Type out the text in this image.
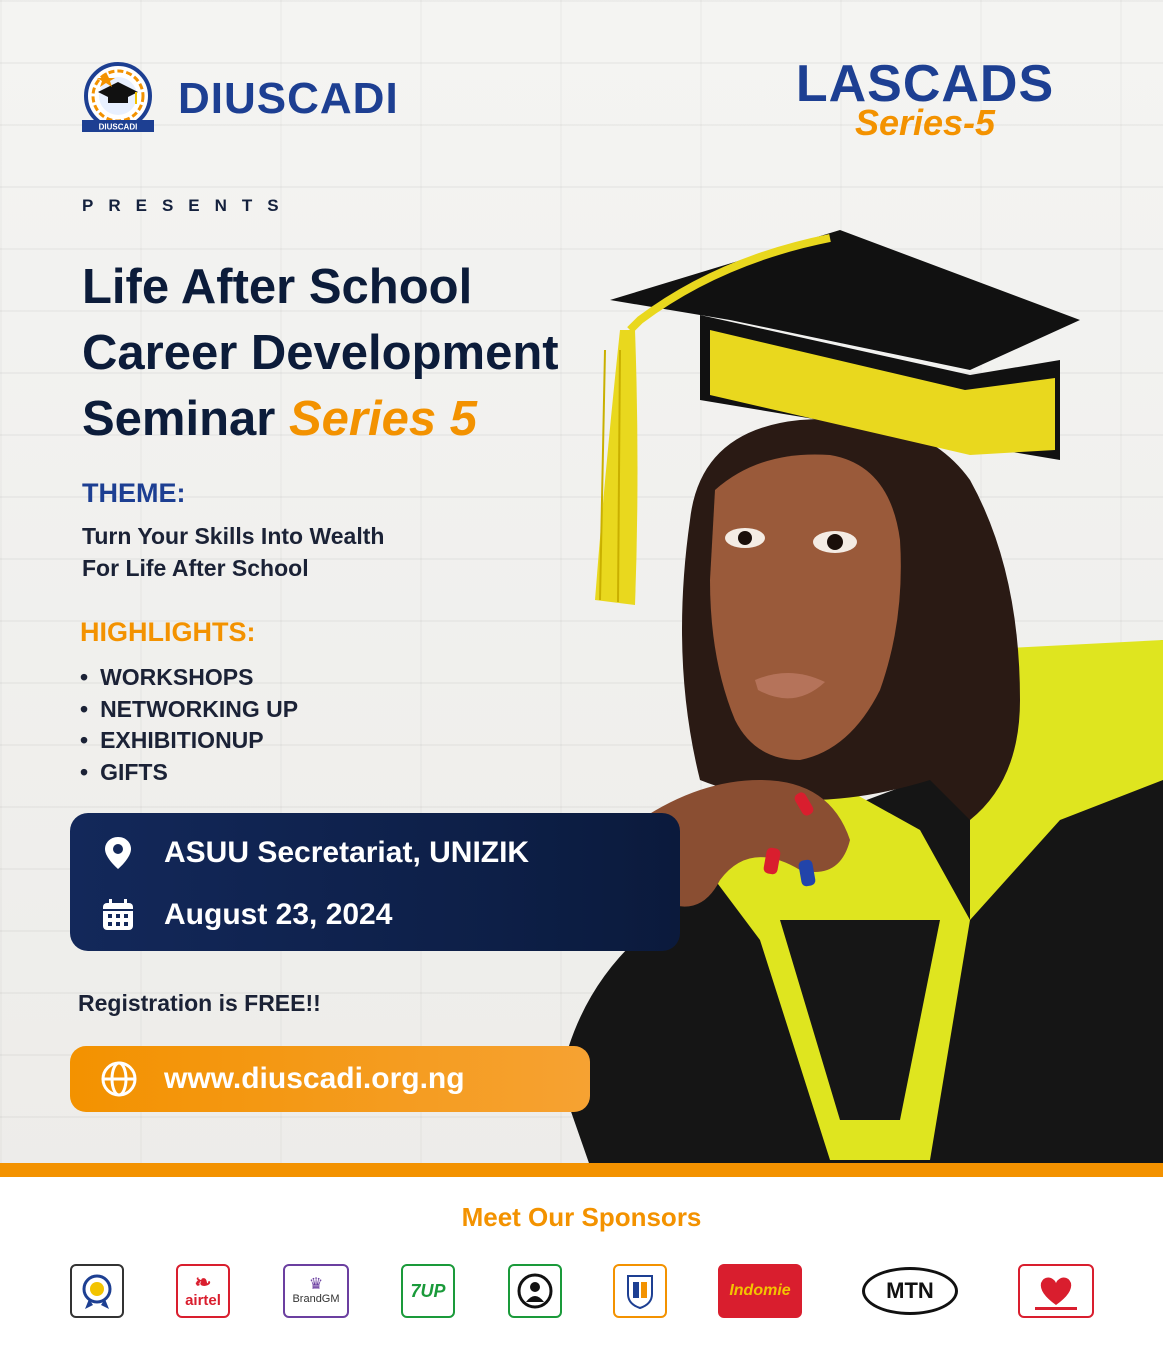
DIUSCADI
DIUSCADI	LASCADS
Series-5
PRESENTS
Life After School
Career Development
Seminar Series 5
THEME:
Turn Your Skills Into Wealth
For Life After School
HIGHLIGHTS:
• WORKSHOPS
• NETWORKING UP
• EXHIBITIONUP
• GIFTS
ASUU Secretariat, UNIZIK
August 23, 2024
Registration is FREE!!
www.diuscadi.org.ng
Meet Our Sponsors
❧
airtel
♛
BrandGM	7UP	Indomie	MTN
